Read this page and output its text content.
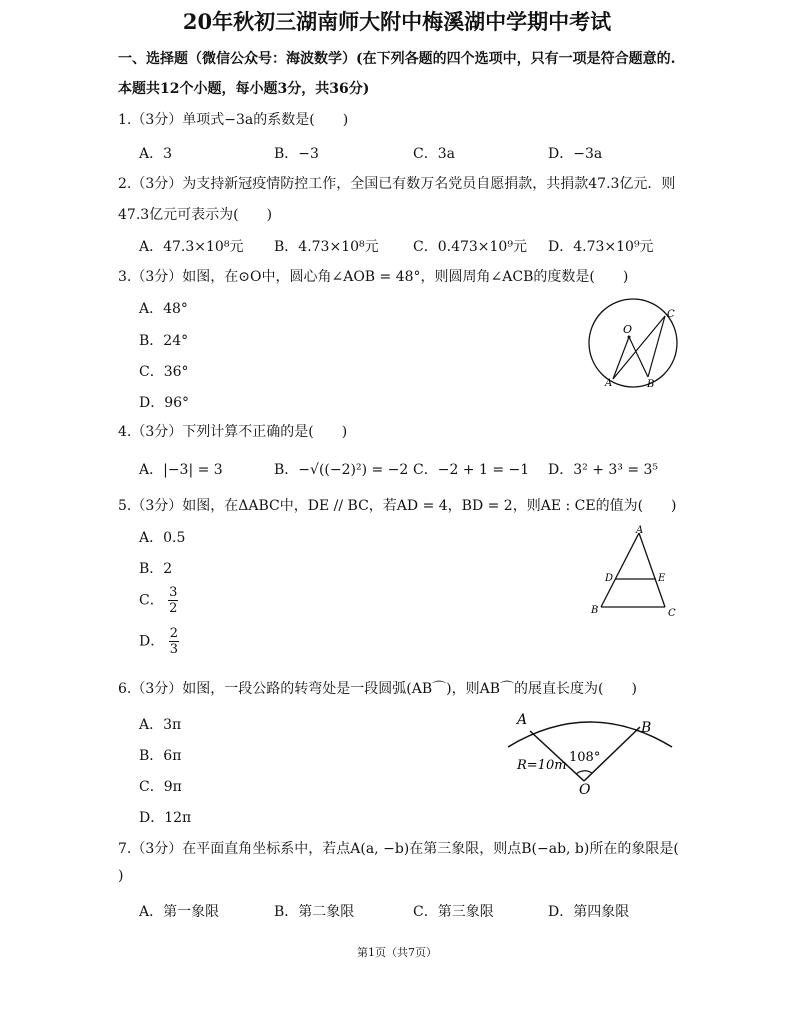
20年秋初三湖南师大附中梅溪湖中学期中考试
一、选择题（微信公众号：海波数学）(在下列各题的四个选项中，只有一项是符合题意的.
本题共12个小题，每小题3分，共36分)
1.（3分）单项式−3a的系数是(　　)
A．3	B．−3	C．3a	D．−3a
2.（3分）为支持新冠疫情防控工作，全国已有数万名党员自愿捐款，共捐款47.3亿元．则
47.3亿元可表示为(　　)
A．47.3×10⁸元 B．4.73×10⁸元 C．0.473×10⁹元 D．4.73×10⁹元
3.（3分）如图，在⊙O中，圆心角∠AOB = 48°，则圆周角∠ACB的度数是(　　)
A．48°
B．24°
C．36°
D．96°
O
C
A	B
4.（3分）下列计算不正确的是(　　)
A．|−3| = 3	B．−√((−2)²) = −2 C．−2 + 1 = −1 D．3² + 3³ = 3⁵
5.（3分）如图，在ΔABC中，DE // BC，若AD = 4，BD = 2，则AE : CE的值为(　　)
A．0.5
B．2
C． $\frac{3}{2}$
D． $\frac{2}{3}$
A
D	E
B	C
6.（3分）如图，一段公路的转弯处是一段圆弧(AB⌒)，则AB⌒的展直长度为(　　)
A．3π
B．6π
C．9π
D．12π
A	B
R=10m
108°
O
7.（3分）在平面直角坐标系中，若点A(a, −b)在第三象限，则点B(−ab, b)所在的象限是(
)
A．第一象限	B．第二象限	C．第三象限	D．第四象限
第1页（共7页）
